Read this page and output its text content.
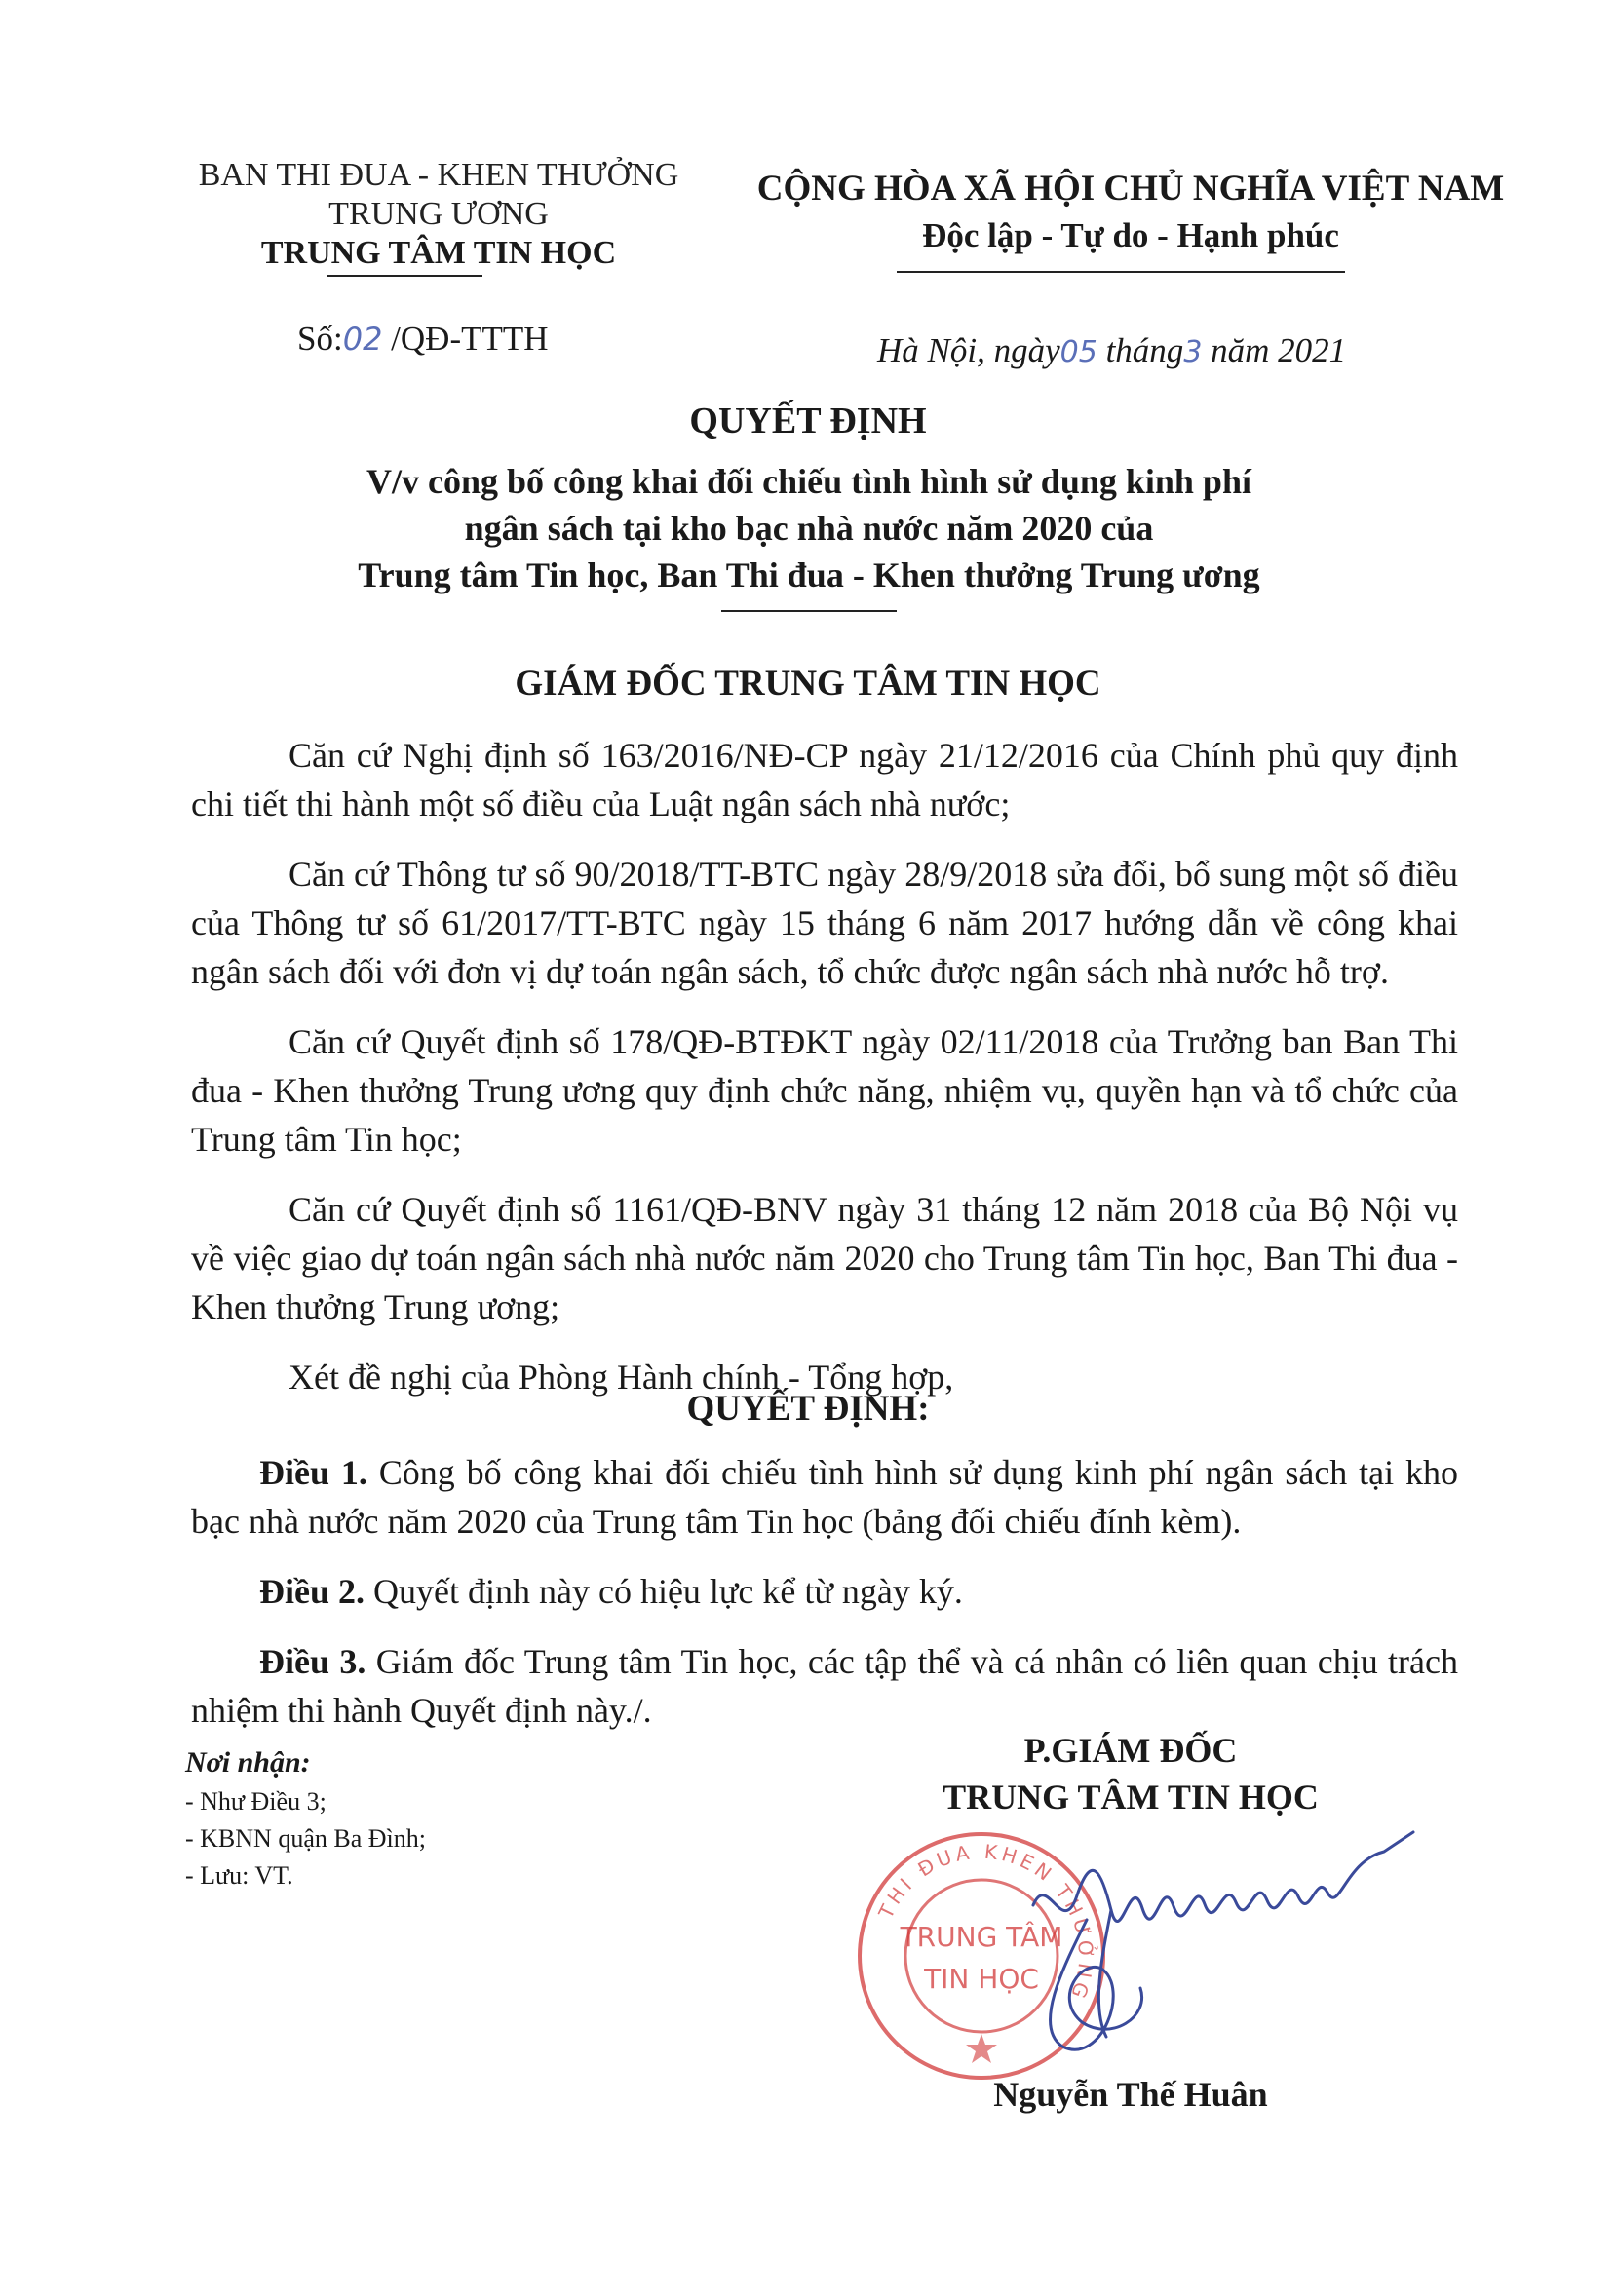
BAN THI ĐUA - KHEN THƯỞNG
TRUNG ƯƠNG
TRUNG TÂM TIN HỌC
CỘNG HÒA XÃ HỘI CHỦ NGHĨA VIỆT NAM
Độc lập - Tự do - Hạnh phúc
Số:02 /QĐ-TTTH	Hà Nội, ngày05 tháng3 năm 2021
QUYẾT ĐỊNH
V/v công bố công khai đối chiếu tình hình sử dụng kinh phí
ngân sách tại kho bạc nhà nước năm 2020 của
Trung tâm Tin học, Ban Thi đua - Khen thưởng Trung ương
GIÁM ĐỐC TRUNG TÂM TIN HỌC

Căn cứ Nghị định số 163/2016/NĐ-CP ngày 21/12/2016 của Chính phủ quy định chi tiết thi hành một số điều của Luật ngân sách nhà nước;

Căn cứ Thông tư số 90/2018/TT-BTC ngày 28/9/2018 sửa đổi, bổ sung một số điều của Thông tư số 61/2017/TT-BTC ngày 15 tháng 6 năm 2017 hướng dẫn về công khai ngân sách đối với đơn vị dự toán ngân sách, tổ chức được ngân sách nhà nước hỗ trợ.

Căn cứ Quyết định số 178/QĐ-BTĐKT ngày 02/11/2018 của Trưởng ban Ban Thi đua - Khen thưởng Trung ương quy định chức năng, nhiệm vụ, quyền hạn và tổ chức của Trung tâm Tin học;

Căn cứ Quyết định số 1161/QĐ-BNV ngày 31 tháng 12 năm 2018 của Bộ Nội vụ về việc giao dự toán ngân sách nhà nước năm 2020 cho Trung tâm Tin học, Ban Thi đua - Khen thưởng Trung ương;

Xét đề nghị của Phòng Hành chính - Tổng hợp,

QUYẾT ĐỊNH:

Điều 1. Công bố công khai đối chiếu tình hình sử dụng kinh phí ngân sách tại kho bạc nhà nước năm 2020 của Trung tâm Tin học (bảng đối chiếu đính kèm).

Điều 2. Quyết định này có hiệu lực kể từ ngày ký.

Điều 3. Giám đốc Trung tâm Tin học, các tập thể và cá nhân có liên quan chịu trách nhiệm thi hành Quyết định này./.

Nơi nhận:
- Như Điều 3;
- KBNN quận Ba Đình;
- Lưu: VT.
P.GIÁM ĐỐC
TRUNG TÂM TIN HỌC
THI ĐUA KHEN THƯỞNG
TRUNG TÂM
TIN HỌC
Nguyễn Thế Huân
